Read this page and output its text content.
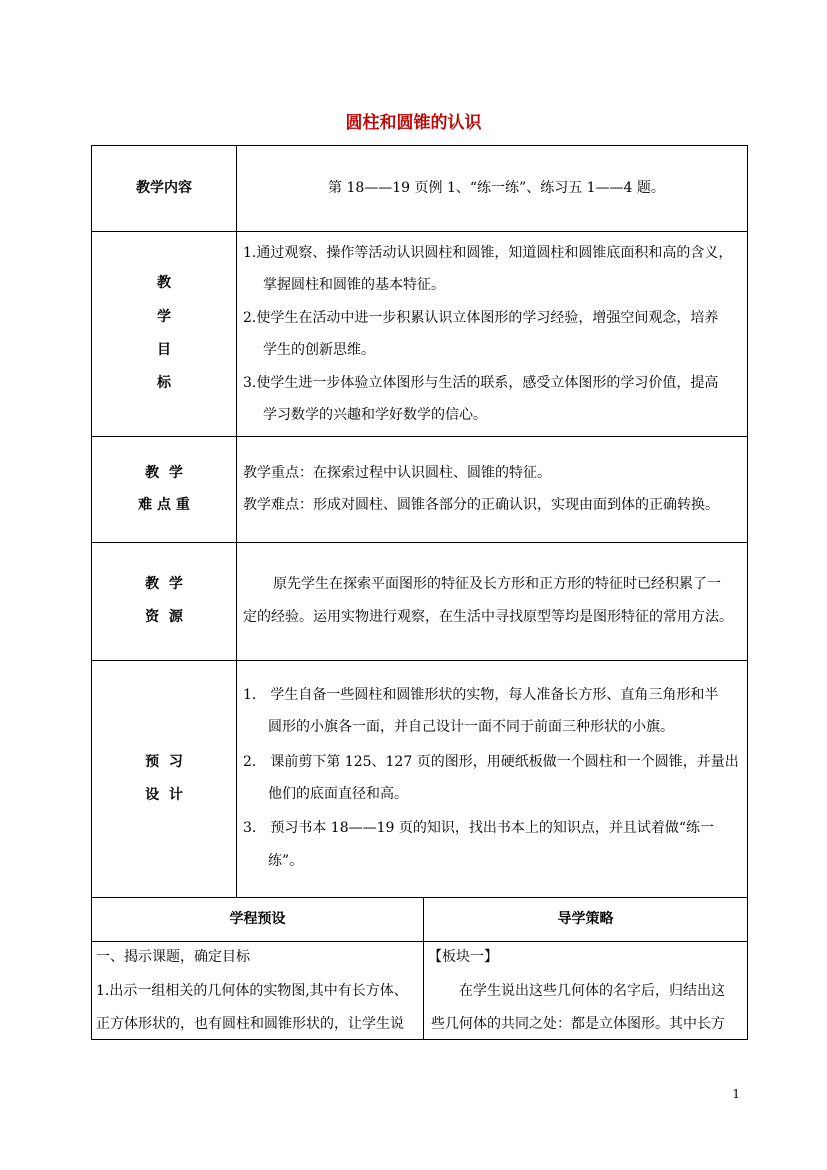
圆柱和圆锥的认识
教学内容	第 18——19 页例 1、“练一练”、练习五 1——4 题。
教
学
目
标
1.通过观察、操作等活动认识圆柱和圆锥，知道圆柱和圆锥底面积和高的含义，
掌握圆柱和圆锥的基本特征。
2.使学生在活动中进一步积累认识立体图形的学习经验，增强空间观念，培养
学生的创新思维。
3.使学生进一步体验立体图形与生活的联系，感受立体图形的学习价值，提高
学习数学的兴趣和学好数学的信心。
教  学
难 点 重
教学重点：在探索过程中认识圆柱、圆锥的特征。
教学难点：形成对圆柱、圆锥各部分的正确认识，实现由面到体的正确转换。
教  学
资  源
原先学生在探索平面图形的特征及长方形和正方形的特征时已经积累了一
定的经验。运用实物进行观察，在生活中寻找原型等均是图形特征的常用方法。
预  习
设  计
1． 学生自备一些圆柱和圆锥形状的实物，每人准备长方形、直角三角形和半
圆形的小旗各一面，并自己设计一面不同于前面三种形状的小旗。
2． 课前剪下第 125、127 页的图形，用硬纸板做一个圆柱和一个圆锥，并量出
他们的底面直径和高。
3． 预习书本 18——19 页的知识，找出书本上的知识点，并且试着做“练一
练”。
学程预设	导学策略
一、揭示课题，确定目标
1.出示一组相关的几何体的实物图,其中有长方体、
正方体形状的，也有圆柱和圆锥形状的，让学生说
【板块一】
在学生说出这些几何体的名字后，归结出这
些几何体的共同之处：都是立体图形。其中长方
1
